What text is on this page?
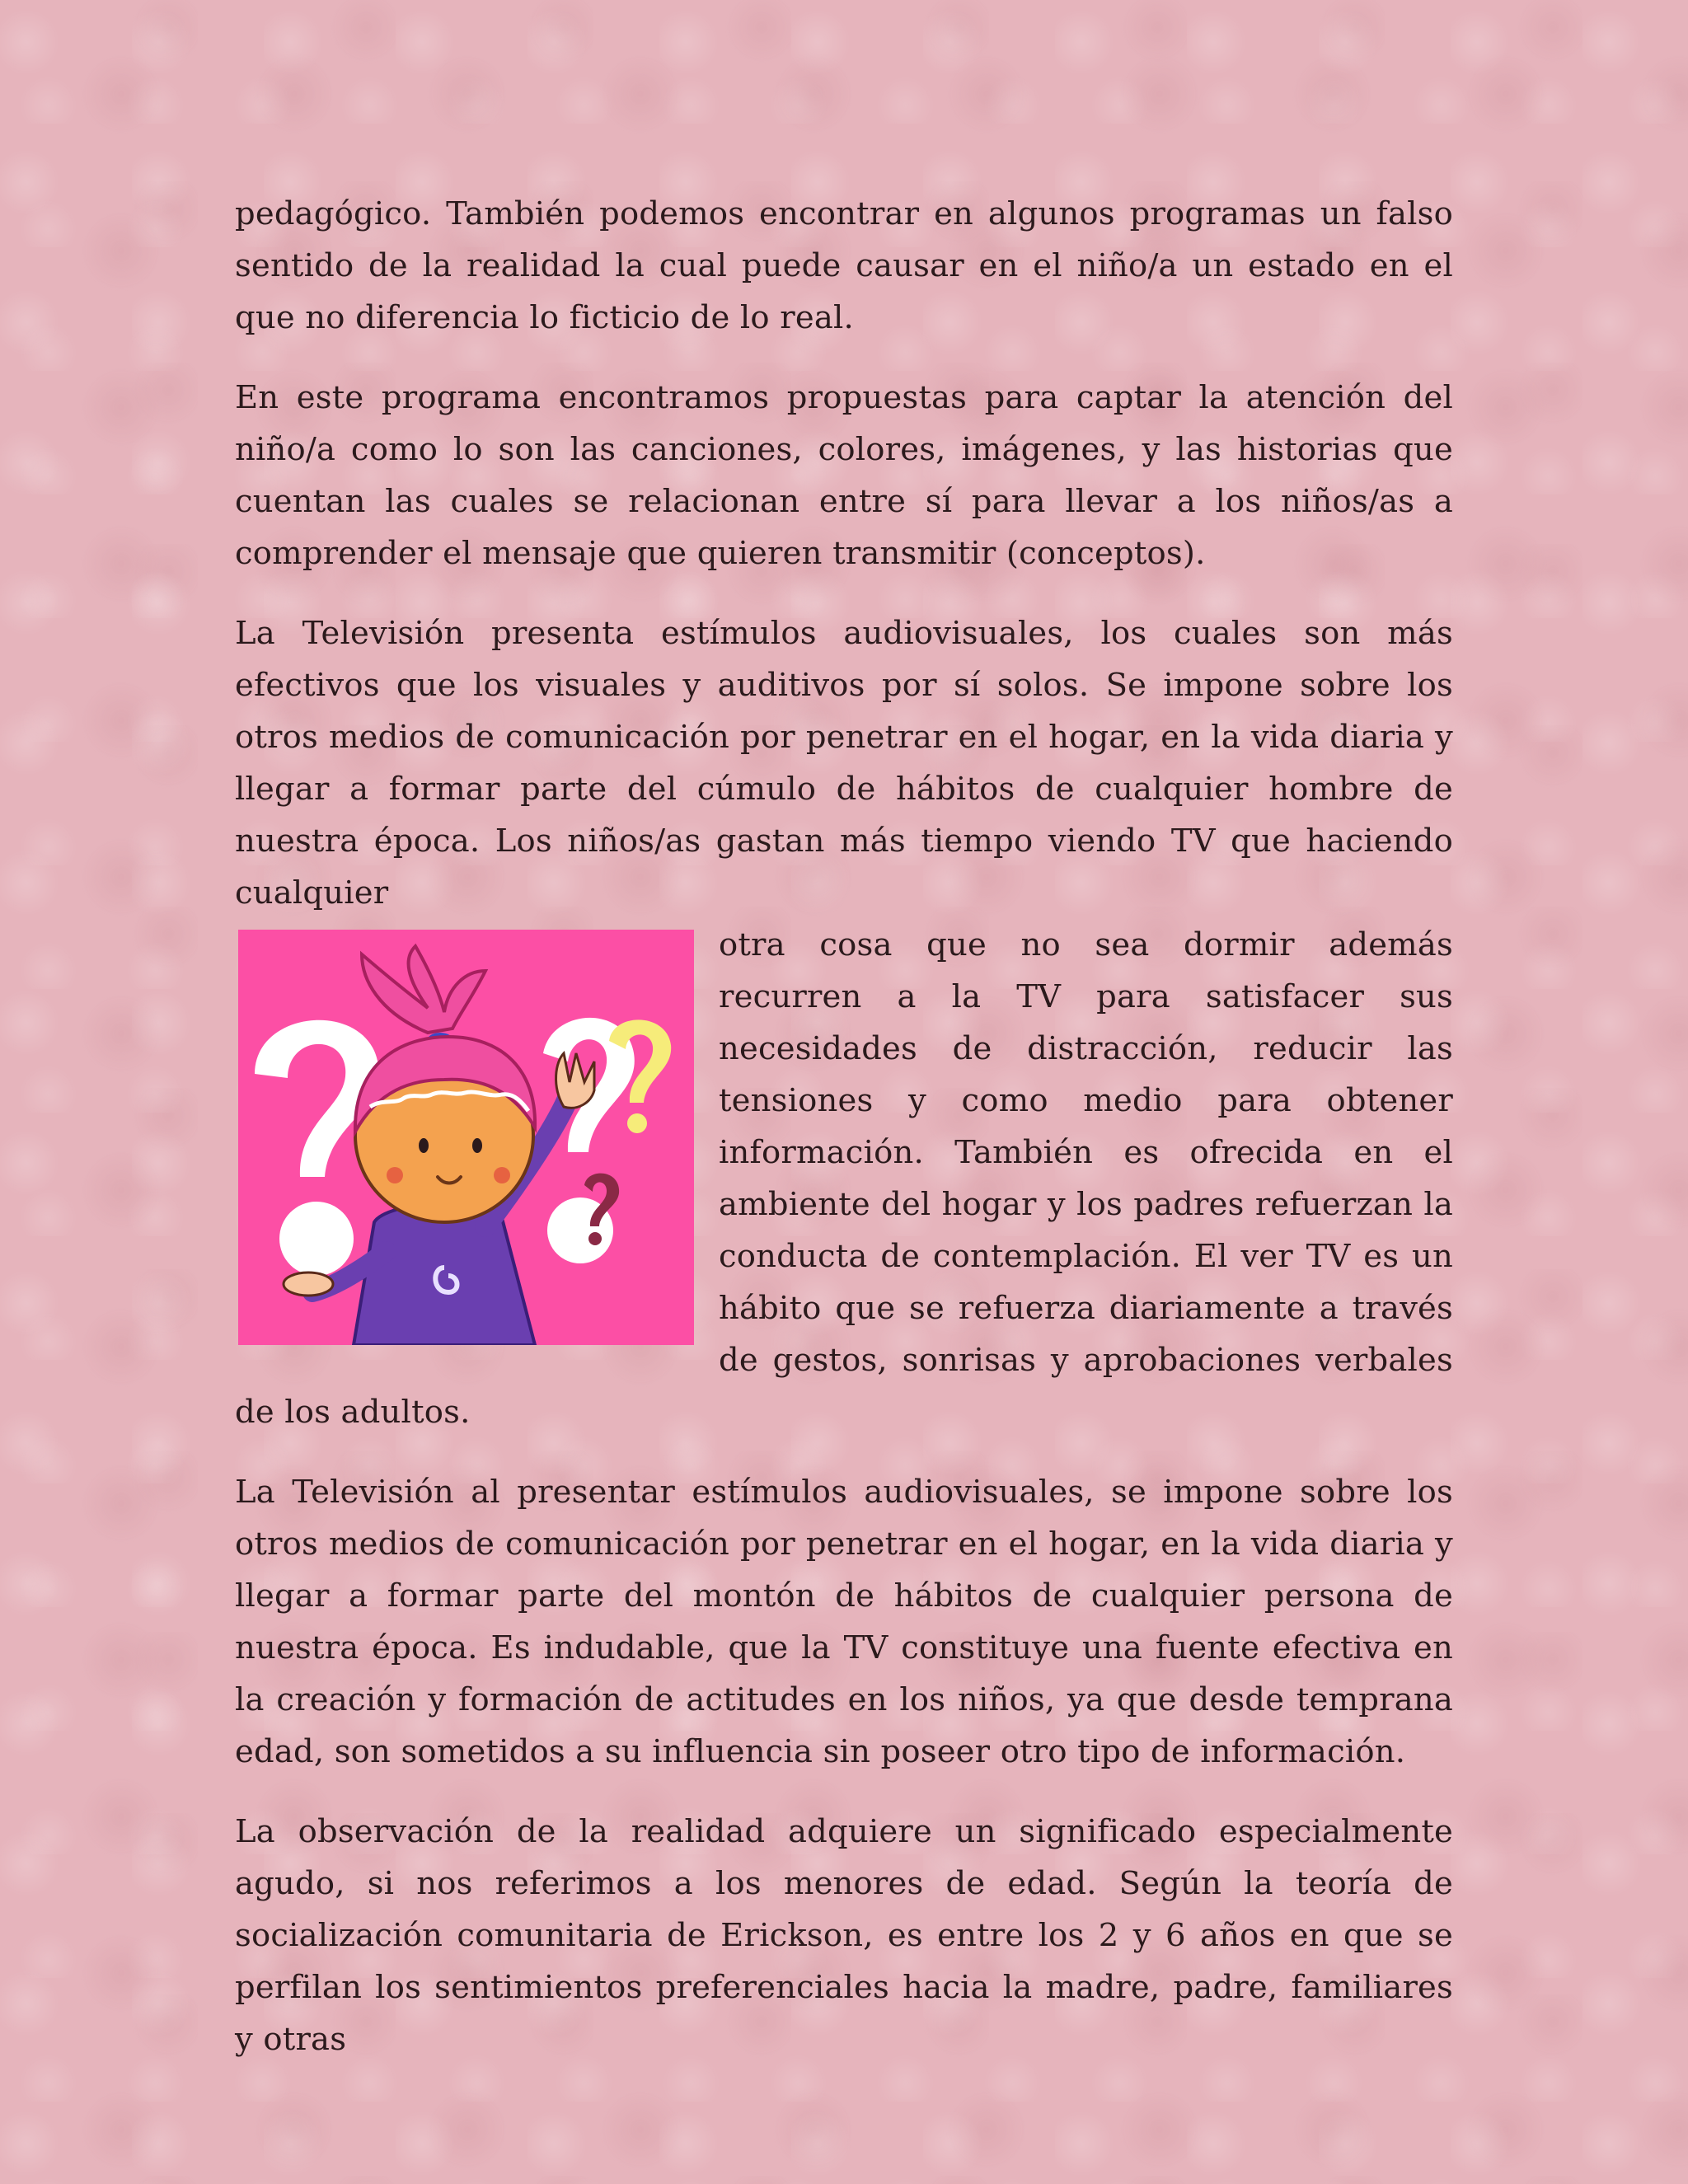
pedagógico. También podemos encontrar en algunos programas un falso sentido de la realidad la cual puede causar en el niño/a un estado en el que no diferencia lo ficticio de lo real.

En este programa encontramos propuestas para captar la atención del niño/a como lo son las canciones, colores, imágenes, y las historias que cuentan las cuales se relacionan entre sí para llevar a los niños/as a comprender el mensaje que quieren transmitir (conceptos).

La Televisión presenta estímulos audiovisuales, los cuales son más efectivos que los visuales y auditivos por sí solos. Se impone sobre los otros medios de comunicación por penetrar en el hogar, en la vida diaria y llegar a formar parte del cúmulo de hábitos de cualquier hombre de nuestra época. Los niños/as gastan más tiempo viendo TV que haciendo cualquier

otra cosa que no sea dormir además recurren a la TV para satisfacer sus necesidades de distracción, reducir las tensiones y como medio para obtener información. También es ofrecida en el ambiente del hogar y los padres refuerzan la conducta de contemplación. El ver TV es un hábito que se refuerza diariamente a través de gestos, sonrisas y aprobaciones verbales de los adultos.

La Televisión al presentar estímulos audiovisuales, se impone sobre los otros medios de comunicación por penetrar en el hogar, en la vida diaria y llegar a formar parte del montón de hábitos de cualquier persona de nuestra época. Es indudable, que la TV constituye una fuente efectiva en la creación y formación de actitudes en los niños, ya que desde temprana edad, son sometidos a su influencia sin poseer otro tipo de información.

La observación de la realidad adquiere un significado especialmente agudo, si nos referimos a los menores de edad. Según la teoría de socialización comunitaria de Erickson, es entre los 2 y 6 años en que se perfilan los sentimientos preferenciales hacia la madre, padre, familiares y otras
